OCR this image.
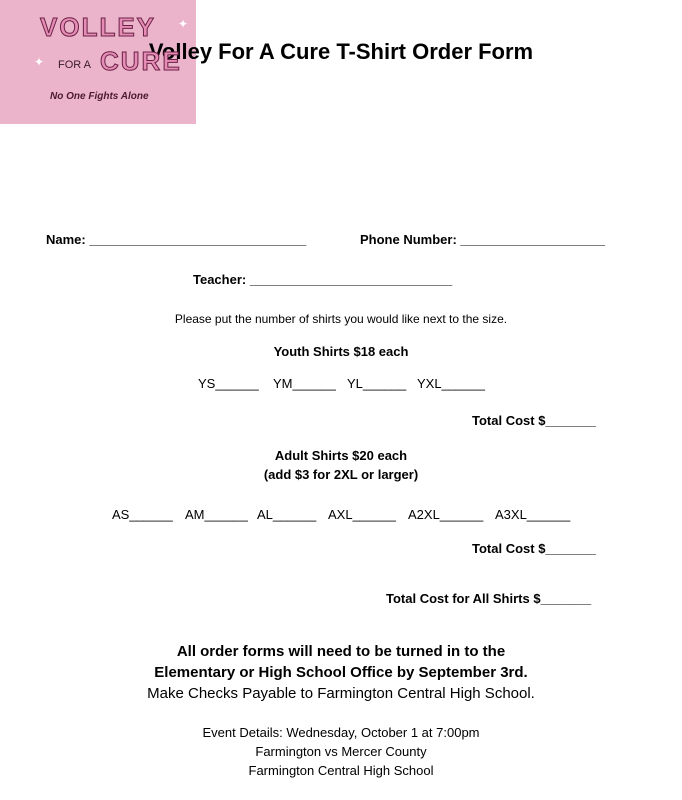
Volley For A Cure T-Shirt Order Form
VOLLEY
FOR A CURE
No One Fights Alone
✦
✦
Name: ______________________________	Phone Number: ____________________
Teacher: ____________________________
Please put the number of shirts you would like next to the size.
Youth Shirts $18 each
YS______ YM______ YL______ YXL______
Total Cost $_______
Adult Shirts $20 each
(add $3 for 2XL or larger)
AS______ AM______ AL______ AXL______ A2XL______ A3XL______
Total Cost $_______
Total Cost for All Shirts $_______
All order forms will need to be turned in to the
Elementary or High School Office by September 3rd.
Make Checks Payable to Farmington Central High School.
Event Details: Wednesday, October 1 at 7:00pm
Farmington vs Mercer County
Farmington Central High School
